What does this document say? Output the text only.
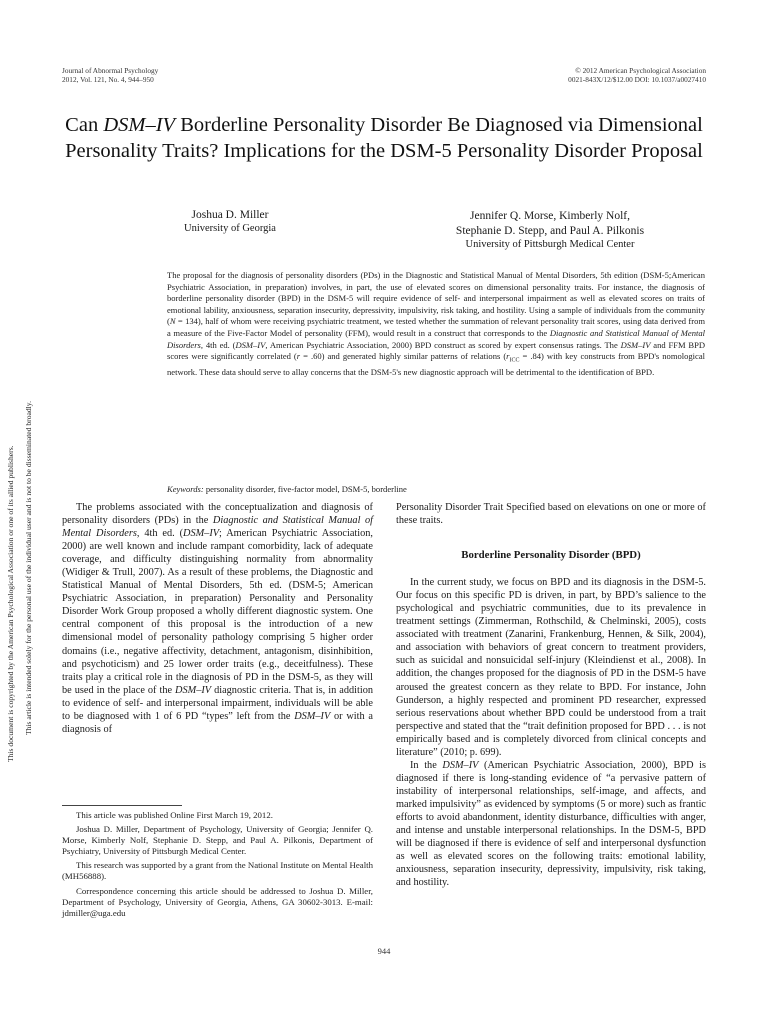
Journal of Abnormal Psychology
2012, Vol. 121, No. 4, 944–950
© 2012 American Psychological Association
0021-843X/12/$12.00 DOI: 10.1037/a0027410
Can DSM–IV Borderline Personality Disorder Be Diagnosed via Dimensional Personality Traits? Implications for the DSM-5 Personality Disorder Proposal
Joshua D. Miller
University of Georgia
Jennifer Q. Morse, Kimberly Nolf,
Stephanie D. Stepp, and Paul A. Pilkonis
University of Pittsburgh Medical Center
The proposal for the diagnosis of personality disorders (PDs) in the Diagnostic and Statistical Manual of Mental Disorders, 5th edition (DSM-5;American Psychiatric Association, in preparation) involves, in part, the use of elevated scores on dimensional personality traits. For instance, the diagnosis of borderline personality disorder (BPD) in the DSM-5 will require evidence of self- and interpersonal impairment as well as elevated scores on traits of emotional lability, anxiousness, separation insecurity, depressivity, impulsivity, risk taking, and hostility. Using a sample of individuals from the community (N = 134), half of whom were receiving psychiatric treatment, we tested whether the summation of relevant personality trait scores, using data derived from a measure of the Five-Factor Model of personality (FFM), would result in a construct that corresponds to the Diagnostic and Statistical Manual of Mental Disorders, 4th ed. (DSM–IV, American Psychiatric Association, 2000) BPD construct as scored by expert consensus ratings. The DSM–IV and FFM BPD scores were significantly correlated (r = .60) and generated highly similar patterns of relations $(r_{ICC} = .84)$ with key constructs from BPD's nomological network. These data should serve to allay concerns that the DSM-5's new diagnostic approach will be detrimental to the identification of BPD.
Keywords: personality disorder, five-factor model, DSM-5, borderline
This document is copyrighted by the American Psychological Association or one of its allied publishers. This article is intended solely for the personal use of the individual user and is not to be disseminated broadly.	The problems associated with the conceptualization and diagnosis of personality disorders (PDs) in the Diagnostic and Statistical Manual of Mental Disorders, 4th ed. (DSM–IV; American Psychiatric Association, 2000) are well known and include rampant comorbidity, lack of adequate coverage, and difficulty distinguishing normality from abnormality (Widiger & Trull, 2007). As a result of these problems, the Diagnostic and Statistical Manual of Mental Disorders, 5th ed. (DSM-5; American Psychiatric Association, in preparation) Personality and Personality Disorder Work Group proposed a wholly different diagnostic system. One central component of this proposal is the introduction of a new dimensional model of personality pathology comprising 5 higher order domains (i.e., negative affectivity, detachment, antagonism, disinhibition, and psychoticism) and 25 lower order traits (e.g., deceitfulness). These traits play a critical role in the diagnosis of PD in the DSM-5, as they will be used in the place of the DSM–IV diagnostic criteria. That is, in addition to evidence of self- and interpersonal impairment, individuals will be able to be diagnosed with 1 of 6 PD “types” left from the DSM–IV or with a diagnosis of

This article was published Online First March 19, 2012.

Joshua D. Miller, Department of Psychology, University of Georgia; Jennifer Q. Morse, Kimberly Nolf, Stephanie D. Stepp, and Paul A. Pilkonis, Department of Psychiatry, University of Pittsburgh Medical Center.

This research was supported by a grant from the National Institute on Mental Health (MH56888).

Correspondence concerning this article should be addressed to Joshua D. Miller, Department of Psychology, University of Georgia, Athens, GA 30602-3013. E-mail: jdmiller@uga.edu

Personality Disorder Trait Specified based on elevations on one or more of these traits.

Borderline Personality Disorder (BPD)

In the current study, we focus on BPD and its diagnosis in the DSM-5. Our focus on this specific PD is driven, in part, by BPD’s salience to the psychological and psychiatric communities, due to its prevalence in treatment settings (Zimmerman, Rothschild, & Chelminski, 2005), costs associated with treatment (Zanarini, Frankenburg, Hennen, & Silk, 2004), and association with behaviors of great concern to treatment providers, such as suicidal and nonsuicidal self-injury (Kleindienst et al., 2008). In addition, the changes proposed for the diagnosis of PD in the DSM-5 have aroused the greatest concern as they relate to BPD. For instance, John Gunderson, a highly respected and prominent PD researcher, expressed serious reservations about whether BPD could be understood from a trait perspective and stated that the “trait definition proposed for BPD . . . is not empirically based and is completely divorced from clinical concepts and literature” (2010; p. 699).

In the DSM–IV (American Psychiatric Association, 2000), BPD is diagnosed if there is long-standing evidence of “a pervasive pattern of instability of interpersonal relationships, self-image, and affects, and marked impulsivity” as evidenced by symptoms (5 or more) such as frantic efforts to avoid abandonment, identity disturbance, difficulties with anger, and intense and unstable interpersonal relationships. In the DSM-5, BPD will be diagnosed if there is evidence of self and interpersonal dysfunction as well as elevated scores on the following traits: emotional lability, anxiousness, separation insecurity, depressivity, impulsivity, risk taking, and hostility.

944
